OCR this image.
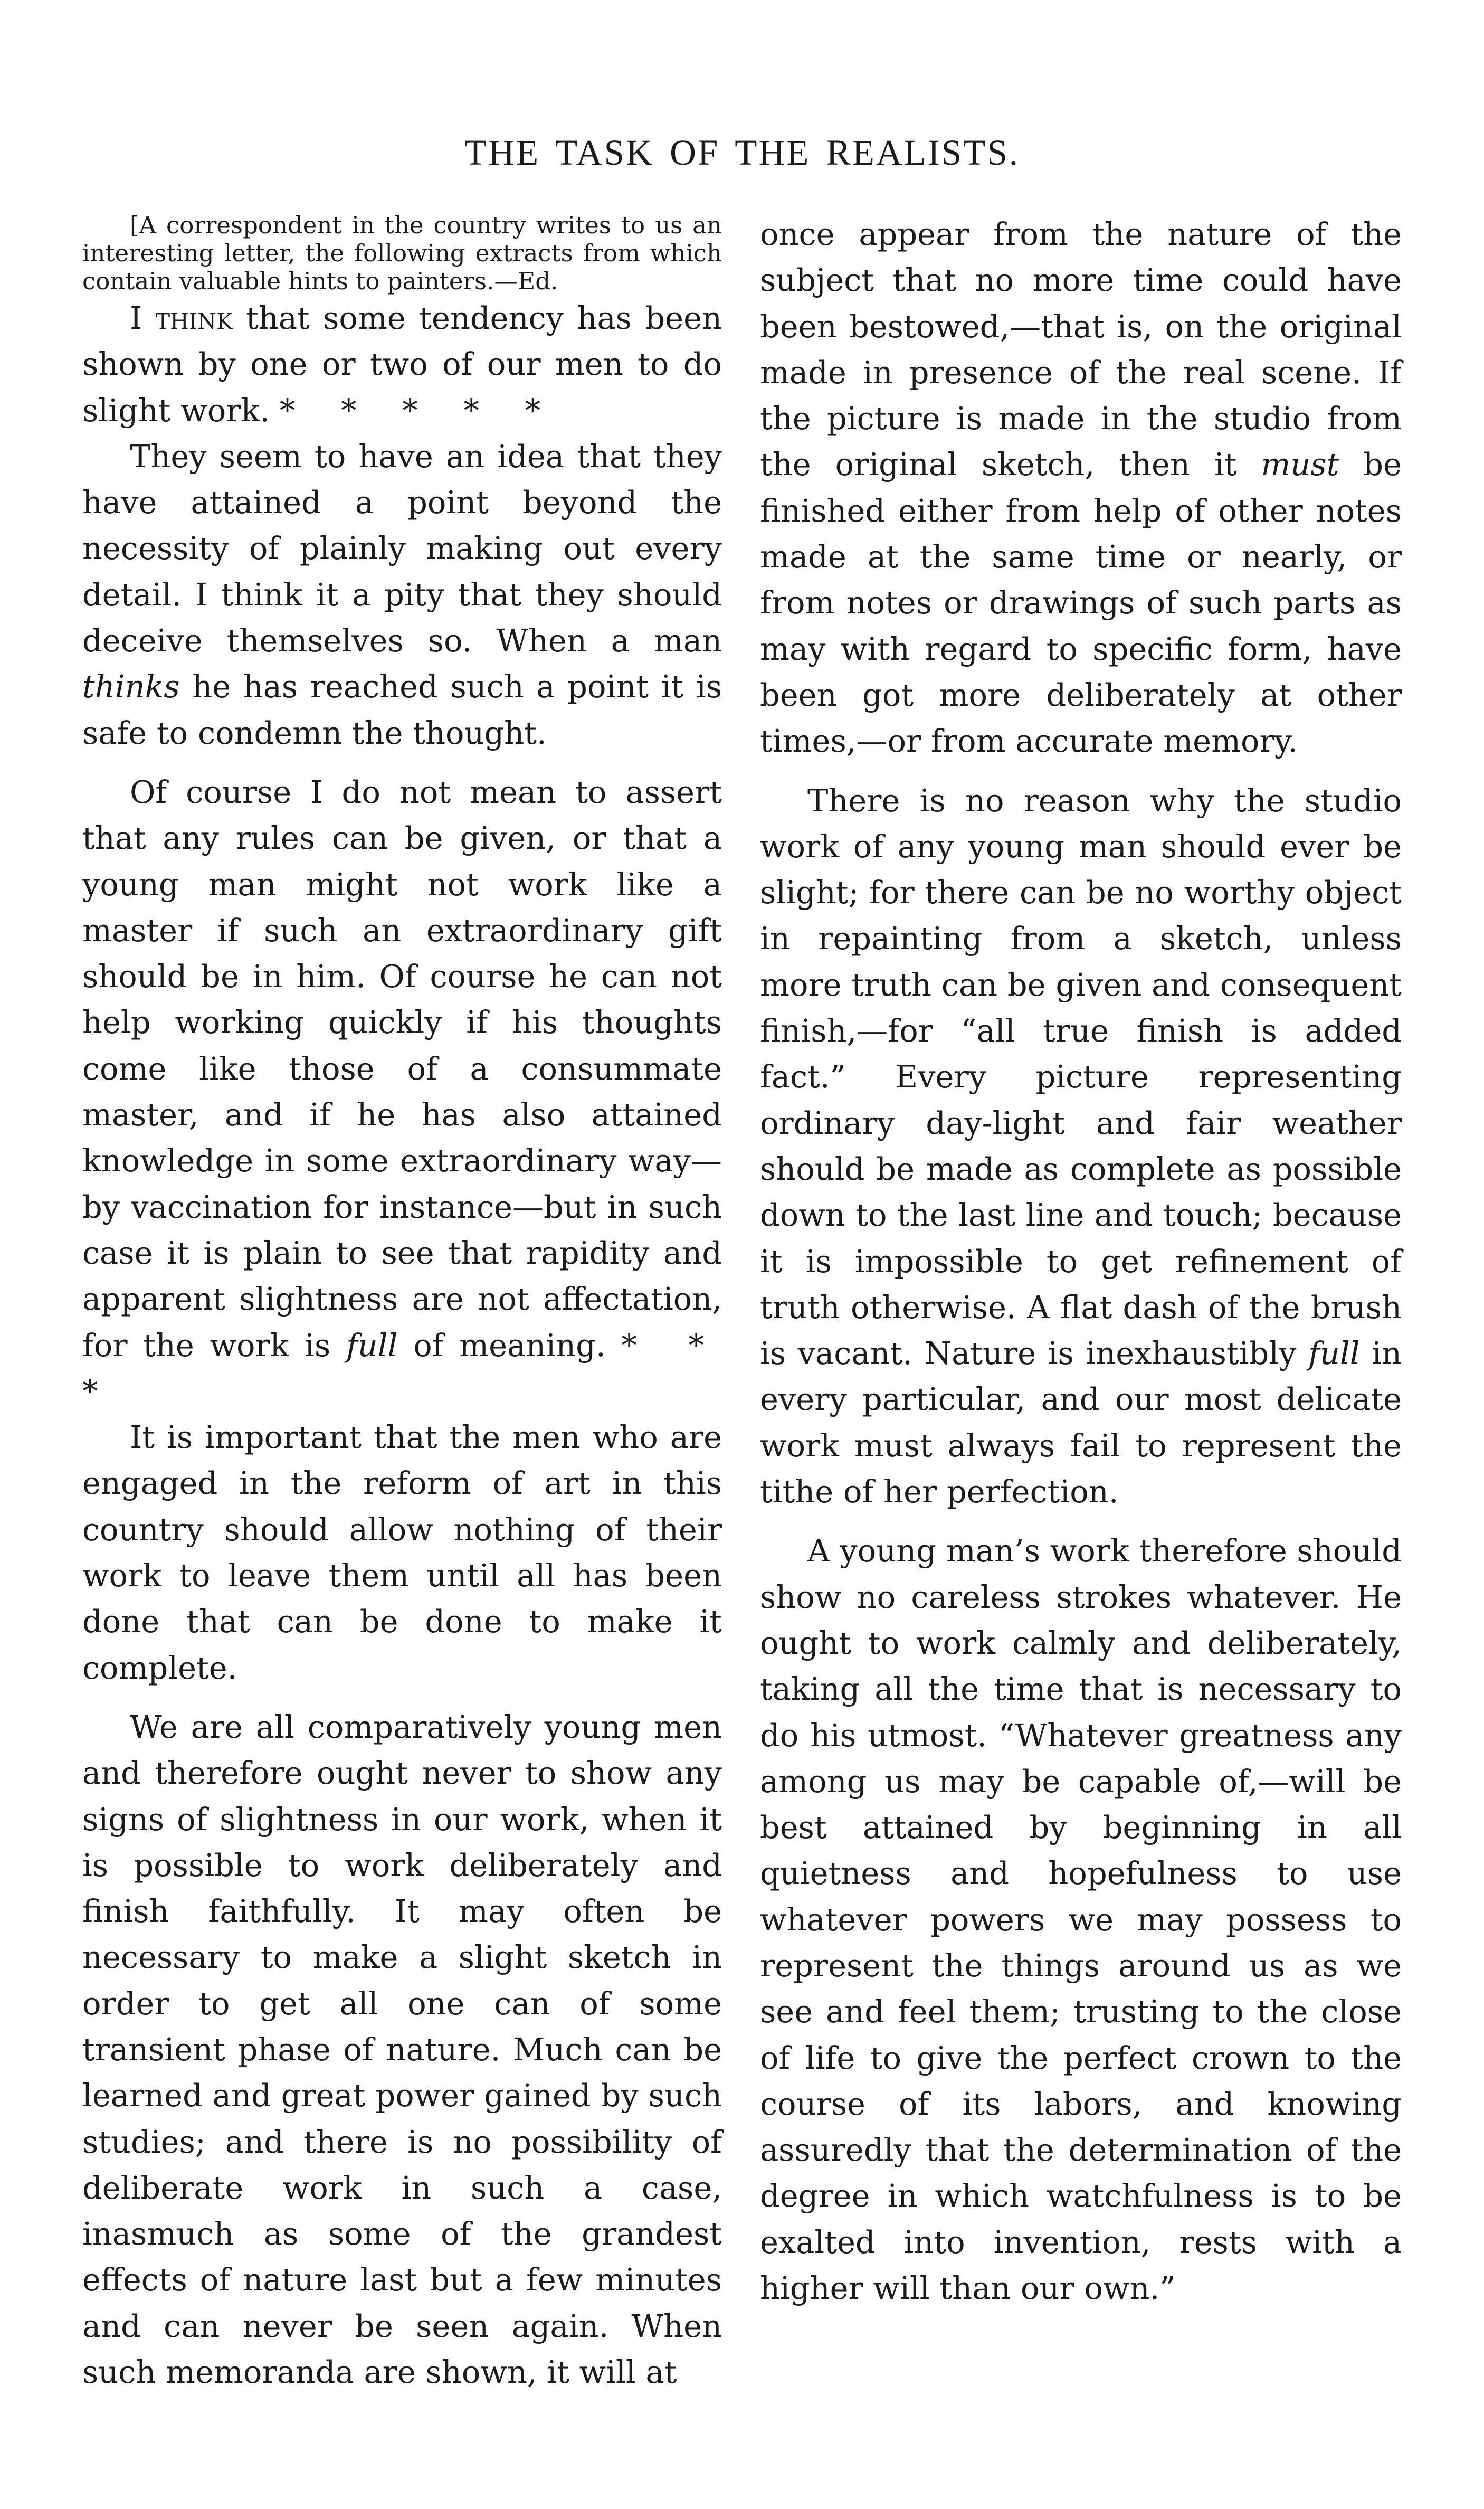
THE TASK OF THE REALISTS.

[A correspondent in the country writes to us an interesting letter, the following extracts from which contain valuable hints to painters.—Ed.

I think that some tendency has been shown by one or two of our men to do slight work. * * * * *

They seem to have an idea that they have attained a point beyond the necessity of plainly making out every detail. I think it a pity that they should deceive themselves so. When a man thinks he has reached such a point it is safe to condemn the thought.

Of course I do not mean to assert that any rules can be given, or that a young man might not work like a master if such an extraordinary gift should be in him. Of course he can not help working quickly if his thoughts come like those of a consummate master, and if he has also attained knowledge in some extraordinary way—by vaccination for instance—but in such case it is plain to see that rapidity and apparent slightness are not affectation, for the work is full of meaning. * * *

It is important that the men who are engaged in the reform of art in this country should allow nothing of their work to leave them until all has been done that can be done to make it complete.

We are all comparatively young men and therefore ought never to show any signs of slightness in our work, when it is possible to work deliberately and finish faithfully. It may often be necessary to make a slight sketch in order to get all one can of some transient phase of nature. Much can be learned and great power gained by such studies; and there is no possibility of deliberate work in such a case, inasmuch as some of the grandest effects of nature last but a few minutes and can never be seen again. When such memoranda are shown, it will at

once appear from the nature of the subject that no more time could have been bestowed,—that is, on the original made in presence of the real scene. If the picture is made in the studio from the original sketch, then it must be finished either from help of other notes made at the same time or nearly, or from notes or drawings of such parts as may with regard to specific form, have been got more deliberately at other times,—or from accurate memory.

There is no reason why the studio work of any young man should ever be slight; for there can be no worthy object in repainting from a sketch, unless more truth can be given and consequent finish,—for “all true finish is added fact.” Every picture representing ordinary day-light and fair weather should be made as complete as possible down to the last line and touch; because it is impossible to get refinement of truth otherwise. A flat dash of the brush is vacant. Nature is inexhaustibly full in every particular, and our most delicate work must always fail to represent the tithe of her perfection.

A young man’s work therefore should show no careless strokes whatever. He ought to work calmly and deliberately, taking all the time that is necessary to do his utmost. “Whatever greatness any among us may be capable of,—will be best attained by beginning in all quietness and hopefulness to use whatever powers we may possess to represent the things around us as we see and feel them; trusting to the close of life to give the perfect crown to the course of its labors, and knowing assuredly that the determination of the degree in which watchfulness is to be exalted into invention, rests with a higher will than our own.”
